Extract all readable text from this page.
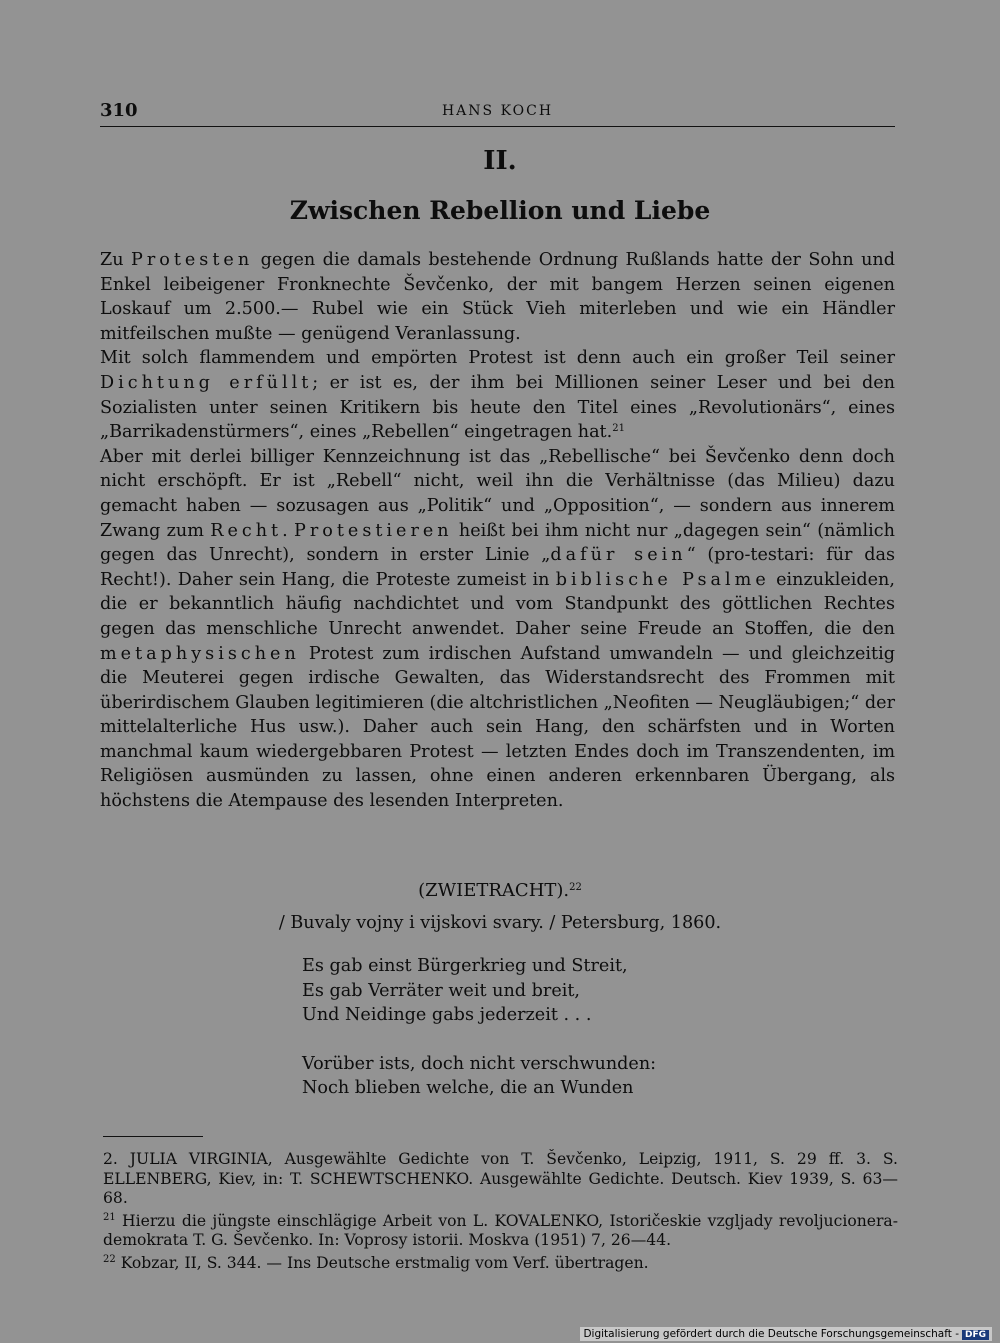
310	HANS KOCH
II.
Zwischen Rebellion und Liebe

Zu Protesten gegen die damals bestehende Ordnung Rußlands hatte der Sohn und Enkel leibeigener Fronknechte Ševčenko, der mit bangem Herzen seinen eigenen Loskauf um 2.500.— Rubel wie ein Stück Vieh miterleben und wie ein Händler mitfeilschen mußte — genügend Veranlassung.

Mit solch flammendem und empörten Protest ist denn auch ein großer Teil seiner Dichtung erfüllt; er ist es, der ihm bei Millionen seiner Leser und bei den Sozialisten unter seinen Kritikern bis heute den Titel eines „Revolutionärs“, eines „Barrikadenstürmers“, eines „Rebellen“ eingetragen hat.$^{21}$

Aber mit derlei billiger Kennzeichnung ist das „Rebellische“ bei Ševčenko denn doch nicht erschöpft. Er ist „Rebell“ nicht, weil ihn die Verhältnisse (das Milieu) dazu gemacht haben — sozusagen aus „Politik“ und „Opposition“, — sondern aus innerem Zwang zum Recht. Protestieren heißt bei ihm nicht nur „dagegen sein“ (nämlich gegen das Unrecht), sondern in erster Linie „dafür sein“ (pro-testari: für das Recht!). Daher sein Hang, die Proteste zumeist in biblische Psalme einzukleiden, die er bekanntlich häufig nachdichtet und vom Standpunkt des göttlichen Rechtes gegen das menschliche Unrecht anwendet. Daher seine Freude an Stoffen, die den metaphysischen Protest zum irdischen Aufstand umwandeln — und gleichzeitig die Meuterei gegen irdische Gewalten, das Widerstandsrecht des Frommen mit überirdischem Glauben legitimieren (die altchristlichen „Neofiten — Neugläubigen;“ der mittelalterliche Hus usw.). Daher auch sein Hang, den schärfsten und in Worten manchmal kaum wiedergebbaren Protest — letzten Endes doch im Transzendenten, im Religiösen ausmünden zu lassen, ohne einen anderen erkennbaren Übergang, als höchstens die Atempause des lesenden Interpreten.

(ZWIETRACHT).$^{22}$
/ Buvaly vojny i vijskovi svary. / Petersburg, 1860.
Es gab einst Bürgerkrieg und Streit,
Es gab Verräter weit und breit,
Und Neidinge gabs jederzeit . . .
Vorüber ists, doch nicht verschwunden:
Noch blieben welche, die an Wunden

2. JULIA VIRGINIA, Ausgewählte Gedichte von T. Ševčenko, Leipzig, 1911, S. 29 ff. 3. S. ELLENBERG, Kiev, in: T. SCHEWTSCHENKO. Ausgewählte Gedichte. Deutsch. Kiev 1939, S. 63—68.

$^{21}$ Hierzu die jüngste einschlägige Arbeit von L. KOVALENKO, Istoričeskie vzgljady revoljucionera-demokrata T. G. Ševčenko. In: Voprosy istorii. Moskva (1951) 7, 26—44.

$^{22}$ Kobzar, II, S. 344. — Ins Deutsche erstmalig vom Verf. übertragen.

Digitalisierung gefördert durch die Deutsche Forschungsgemeinschaft - DFG
